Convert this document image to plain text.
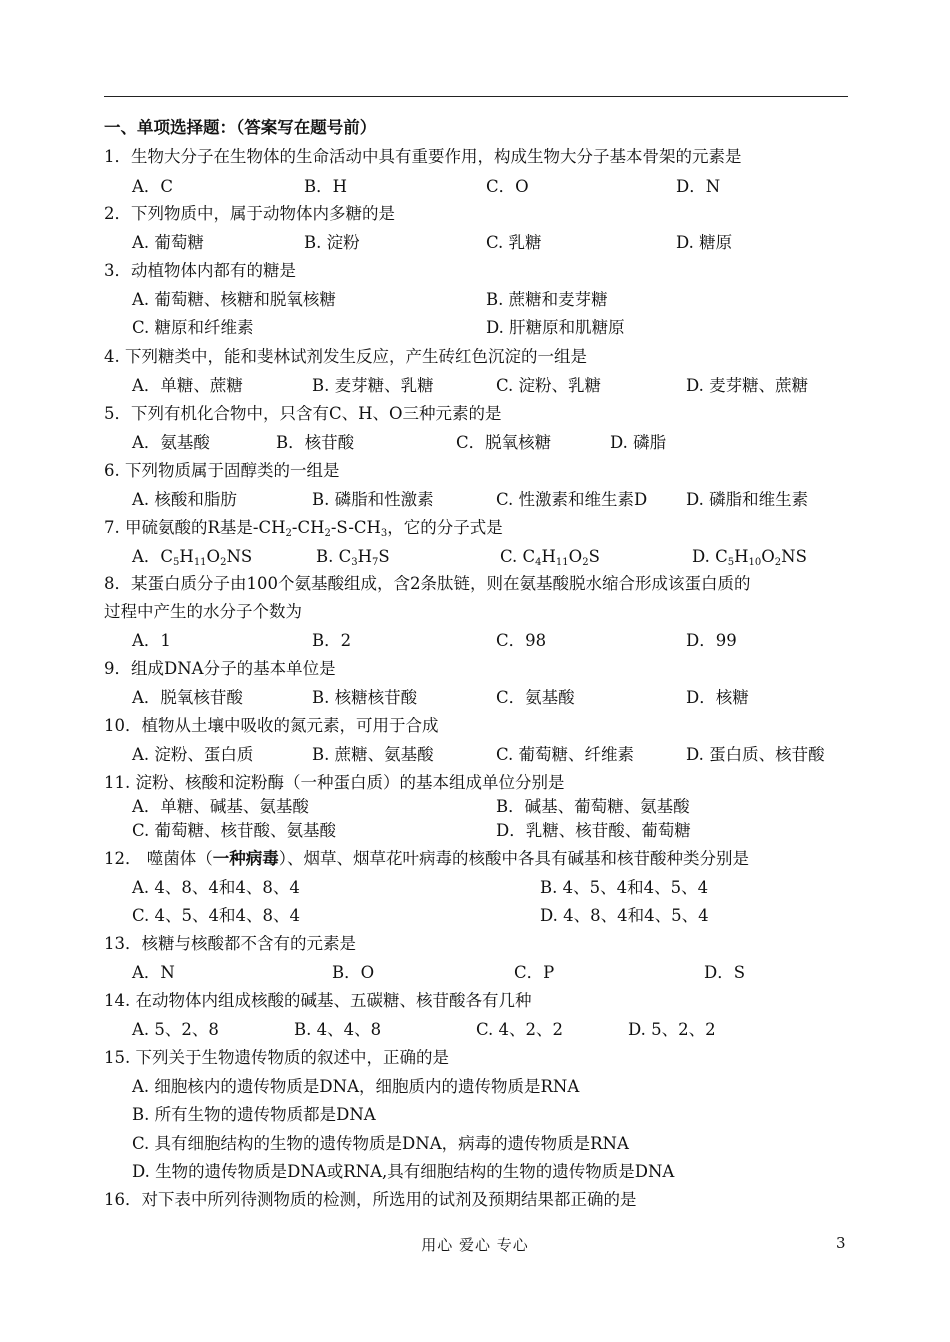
一、单项选择题：（答案写在题号前）
1．生物大分子在生物体的生命活动中具有重要作用，构成生物大分子基本骨架的元素是
A．C	B．H	C．O	D．N
2．下列物质中，属于动物体内多糖的是
A. 葡萄糖	B. 淀粉	C. 乳糖	D. 糖原
3．动植物体内都有的糖是
A. 葡萄糖、核糖和脱氧核糖	B. 蔗糖和麦芽糖
C. 糖原和纤维素	D. 肝糖原和肌糖原
4. 下列糖类中，能和斐林试剂发生反应，产生砖红色沉淀的一组是
A．单糖、蔗糖	B. 麦芽糖、乳糖	C. 淀粉、乳糖	D. 麦芽糖、蔗糖
5．下列有机化合物中，只含有C、H、O三种元素的是
A．氨基酸	B．核苷酸	C．脱氧核糖	D. 磷脂
6. 下列物质属于固醇类的一组是
A. 核酸和脂肪	B. 磷脂和性激素	C. 性激素和维生素D D. 磷脂和维生素
7. 甲硫氨酸的R基是$-CH_2-CH_2-S-CH_3$，它的分子式是
A．$C_5H_{11}O_2NS$	B. $C_3H_7S$	C. $C_4H_{11}O_2S$	D. $C_5H_{10}O_2NS$
8．某蛋白质分子由100个氨基酸组成，含2条肽链，则在氨基酸脱水缩合形成该蛋白质的
过程中产生的水分子个数为
A．1	B．2	C．98	D．99
9．组成DNA分子的基本单位是
A．脱氧核苷酸	B. 核糖核苷酸	C．氨基酸	D．核糖
10．植物从土壤中吸收的氮元素，可用于合成
A. 淀粉、蛋白质	B. 蔗糖、氨基酸	C. 葡萄糖、纤维素	D. 蛋白质、核苷酸
11. 淀粉、核酸和淀粉酶（一种蛋白质）的基本组成单位分别是
A．单糖、碱基、氨基酸	B．碱基、葡萄糖、氨基酸
C. 葡萄糖、核苷酸、氨基酸	D．乳糖、核苷酸、葡萄糖
12． 噬菌体（一种病毒）、烟草、烟草花叶病毒的核酸中各具有碱基和核苷酸种类分别是
A. 4、8、4和4、8、4	B. 4、5、4和4、5、4
C. 4、5、4和4、8、4	D. 4、8、4和4、5、4
13．核糖与核酸都不含有的元素是
A．N	B．O	C．P	D．S
14. 在动物体内组成核酸的碱基、五碳糖、核苷酸各有几种
A. 5、2、8	B. 4、4、8	C. 4、2、2	D. 5、2、2
15. 下列关于生物遗传物质的叙述中，正确的是
A. 细胞核内的遗传物质是DNA，细胞质内的遗传物质是RNA
B. 所有生物的遗传物质都是DNA
C. 具有细胞结构的生物的遗传物质是DNA，病毒的遗传物质是RNA
D. 生物的遗传物质是DNA或RNA,具有细胞结构的生物的遗传物质是DNA
16．对下表中所列待测物质的检测，所选用的试剂及预期结果都正确的是
用心 爱心 专心	3
